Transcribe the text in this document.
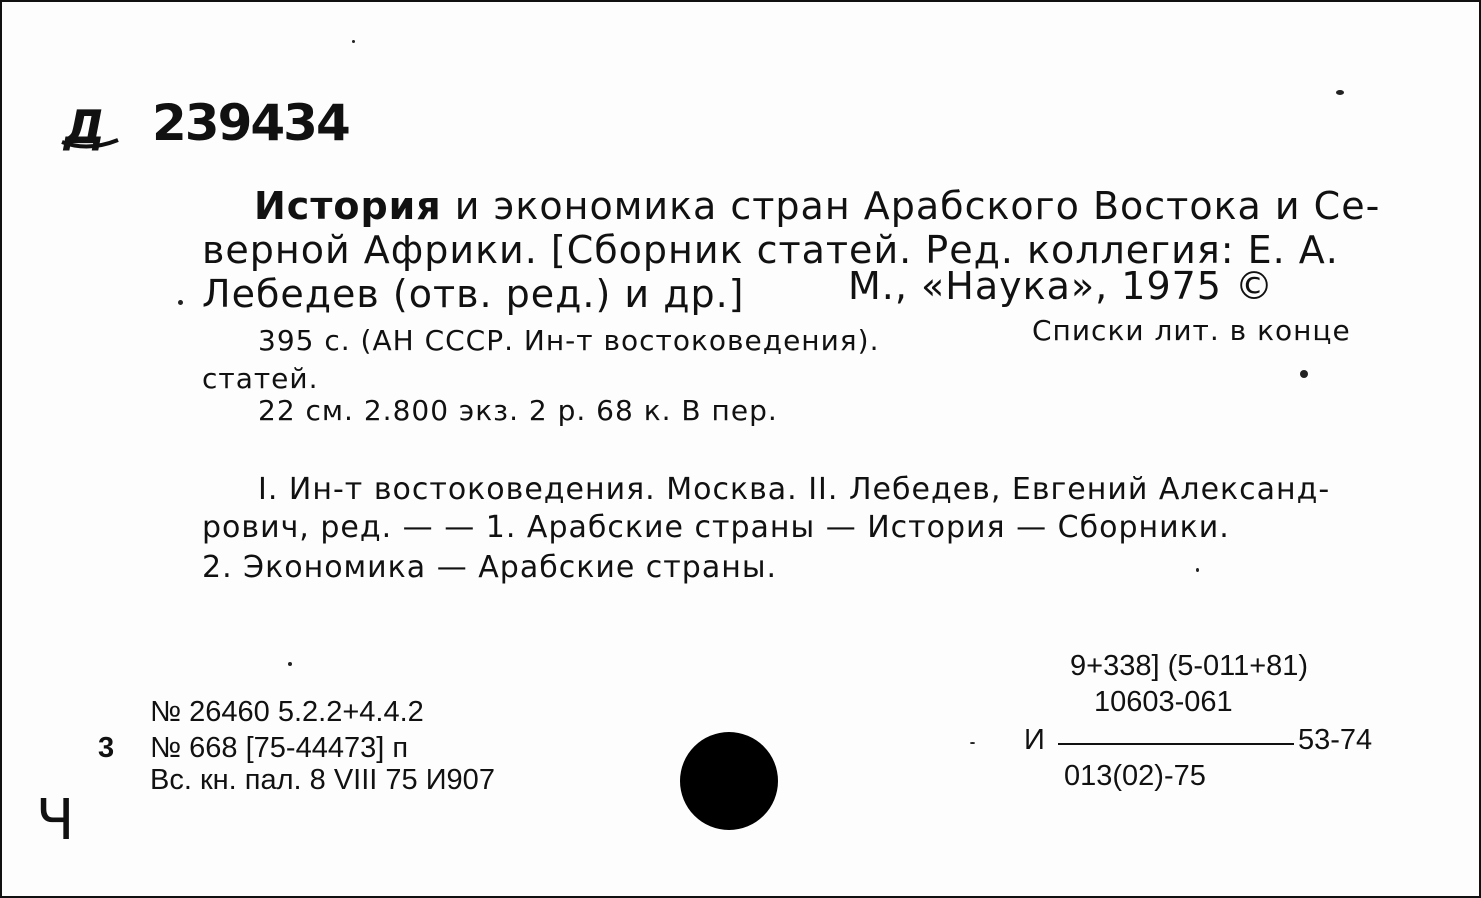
Д 239434
История и экономика стран Арабского Востока и Се-
верной Африки. [Сборник статей. Ред. коллегия: Е. А.
Лебедев (отв. ред.) и др.]	М., «Наука», 1975 ©
395 с. (АН СССР. Ин-т востоковедения).	Списки лит. в конце
статей.
22 см. 2.800 экз. 2 р. 68 к. В пер.
I. Ин-т востоковедения. Москва. II. Лебедев, Евгений Александ-
рович, ред. — — 1. Арабские страны — История — Сборники.
2. Экономика — Арабские страны.
№ 26460 5.2.2+4.4.2
3 № 668 [75-44473] п
Вс. кн. пал. 8 VIII 75 И907
9+338] (5-011+81)
10603-061
И	53-74
013(02)-75
Ч
